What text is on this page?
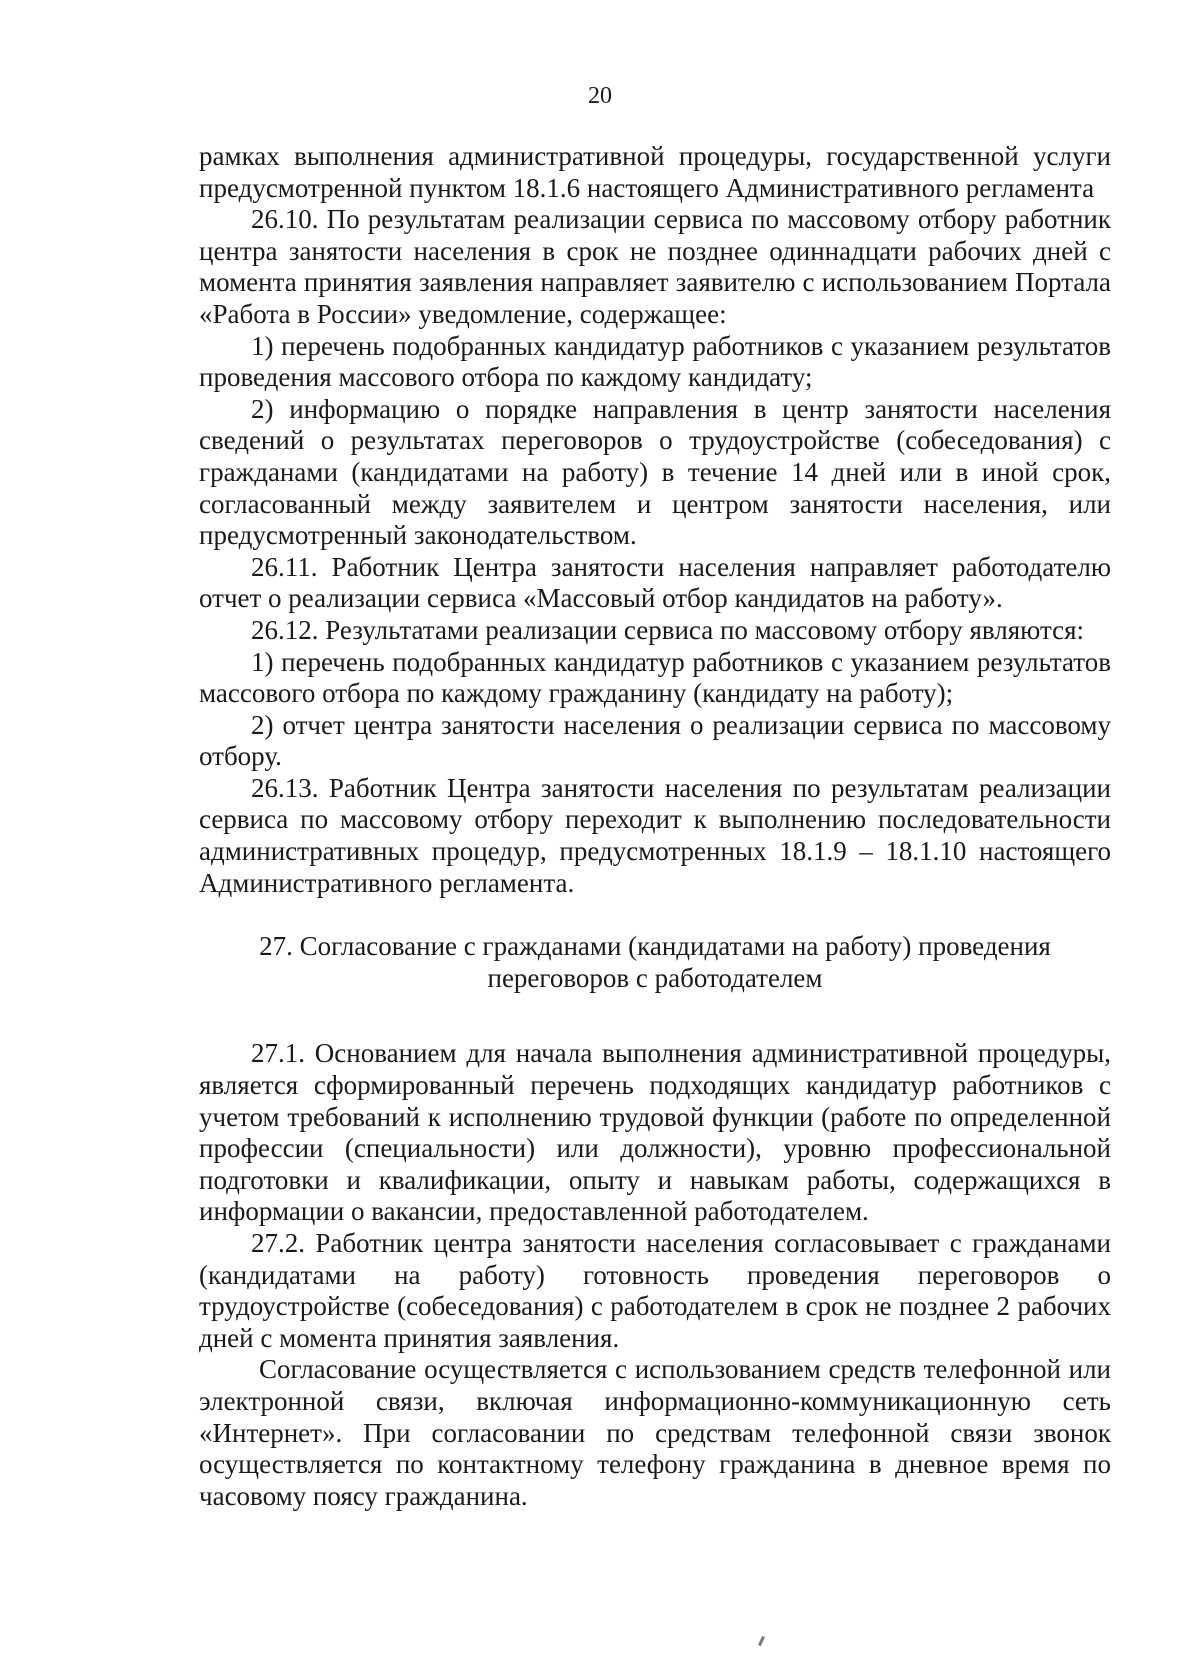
20

рамках выполнения административной процедуры, государственной услуги предусмотренной пунктом 18.1.6 настоящего Административного регламента

26.10. По результатам реализации сервиса по массовому отбору работник центра занятости населения в срок не позднее одиннадцати рабочих дней с момента принятия заявления направляет заявителю с использованием Портала «Работа в России» уведомление, содержащее:

1) перечень подобранных кандидатур работников с указанием результатов проведения массового отбора по каждому кандидату;

2) информацию о порядке направления в центр занятости населения сведений о результатах переговоров о трудоустройстве (собеседования) с гражданами (кандидатами на работу) в течение 14 дней или в иной срок, согласованный между заявителем и центром занятости населения, или предусмотренный законодательством.

26.11. Работник Центра занятости населения направляет работодателю отчет о реализации сервиса «Массовый отбор кандидатов на работу».

26.12. Результатами реализации сервиса по массовому отбору являются:

1) перечень подобранных кандидатур работников с указанием результатов массового отбора по каждому гражданину (кандидату на работу);

2) отчет центра занятости населения о реализации сервиса по массовому отбору.

26.13. Работник Центра занятости населения по результатам реализации сервиса по массовому отбору переходит к выполнению последовательности административных процедур, предусмотренных 18.1.9 – 18.1.10 настоящего Административного регламента.

27. Согласование с гражданами (кандидатами на работу) проведения переговоров с работодателем

27.1. Основанием для начала выполнения административной процедуры, является сформированный перечень подходящих кандидатур работников с учетом требований к исполнению трудовой функции (работе по определенной профессии (специальности) или должности), уровню профессиональной подготовки и квалификации, опыту и навыкам работы, содержащихся в информации о вакансии, предоставленной работодателем.

27.2. Работник центра занятости населения согласовывает с гражданами (кандидатами на работу) готовность проведения переговоров о трудоустройстве (собеседования) с работодателем в срок не позднее 2 рабочих дней с момента принятия заявления.

Согласование осуществляется с использованием средств телефонной или электронной связи, включая информационно-коммуникационную сеть «Интернет». При согласовании по средствам телефонной связи звонок осуществляется по контактному телефону гражданина в дневное время по часовому поясу гражданина.
